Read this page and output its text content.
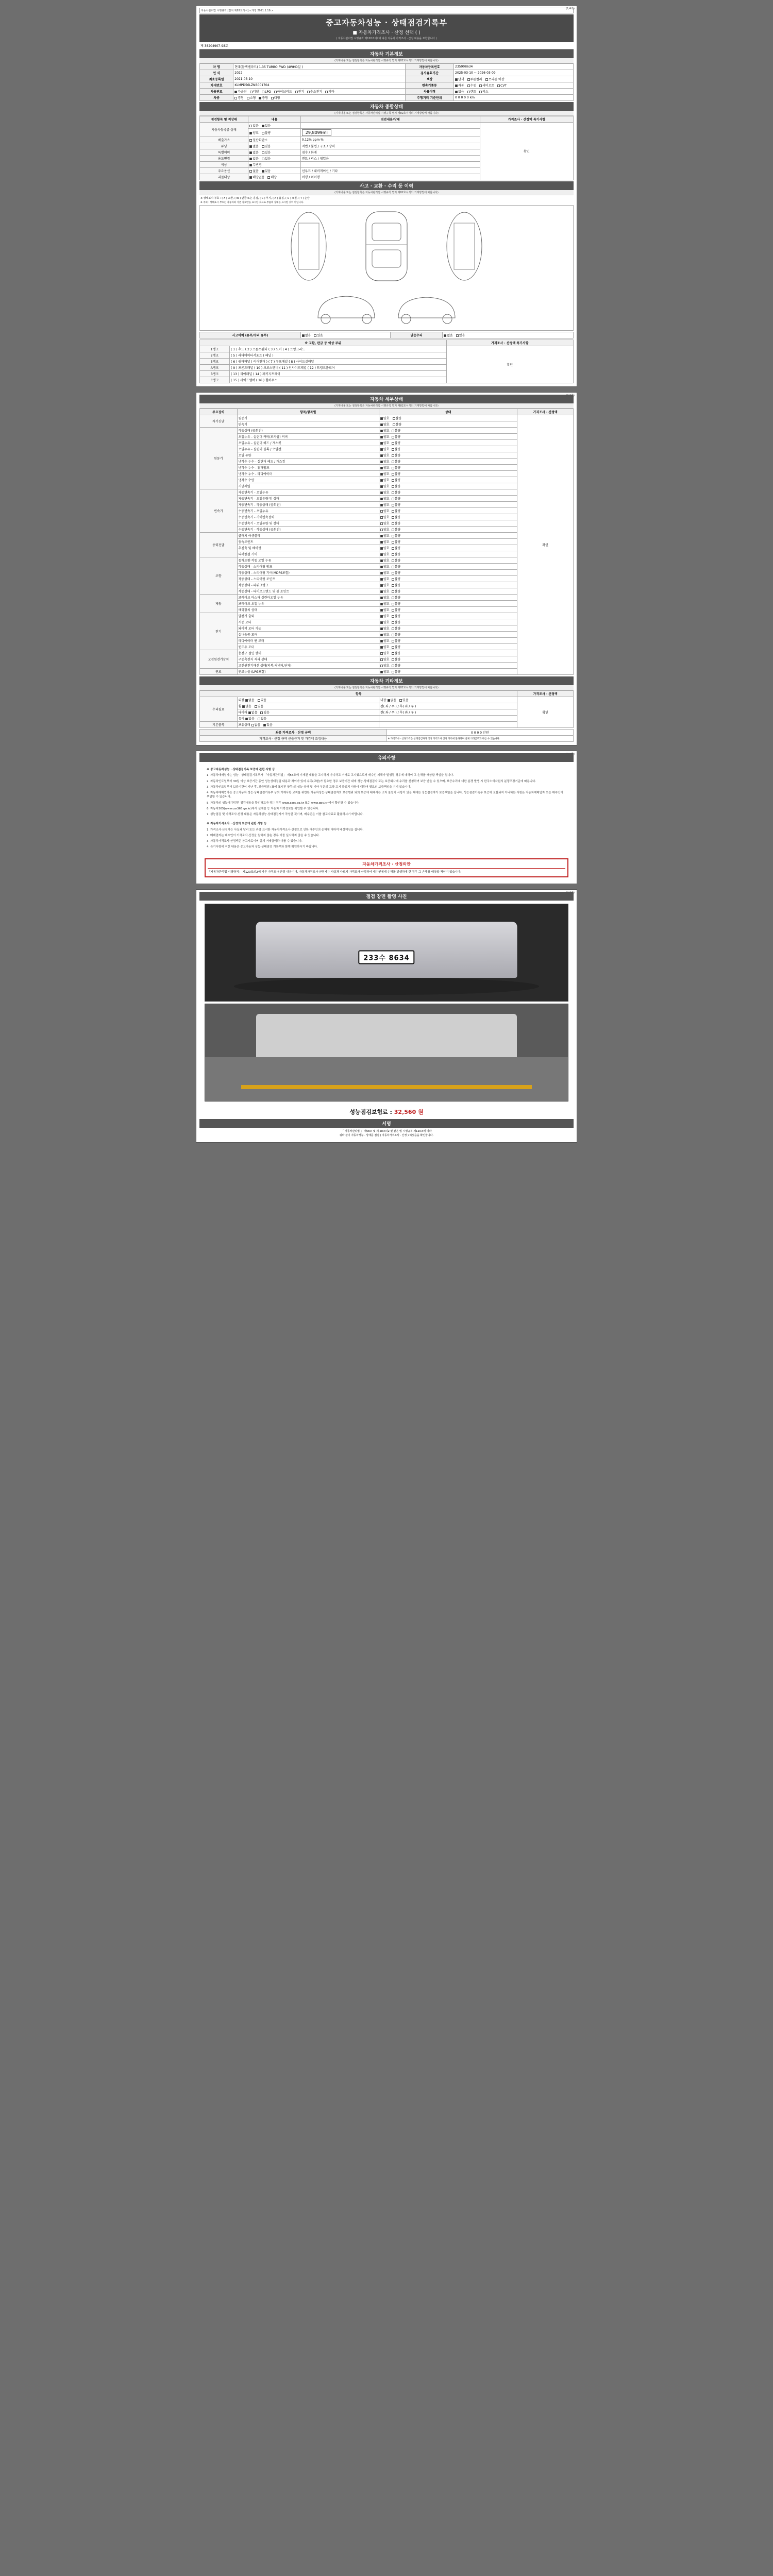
(1/4쪽)
자동차관리법 시행규칙 [별지 제82호서식] <개정 2021.1.19.>
중고자동차성능 · 상태점검기록부
■ 자동차가격조사 · 산정 선택 ( )
( 자동차관리법 시행규칙 제120조의2에 따른 자동차 가격조사 · 산정 내용을 포함합니다 )
제 38204907-98호
자동차 기본정보
(기재내용 또는 점검항목은 자동차관리법 시행규칙 별지 제82호서식의 기재방법에 따릅니다)
차 명	현대(블랙벨라드) 1.35 TURBO FWD (4WHD일 )	자동차등록번호	235908634
연 식	2022	검사유효기간	2025-03-10 ~ 2026-03-09
최초등록일	2021-03-10	색상	단색 투톤칼라 쓰리톤 이상
차대번호	KLMPD56LZNB001704	변속기종류	자동 수동 세미오토 CVT
사용연료	가솔린 디젤 LPG 하이브리드 전기 수소전기 기타	사용이력	없음 렌트 리스
차종	경형 소형 중형 대형	주행거리 기준단위	0 0 0 0 0 km
자동차 종합상태
(기재내용 또는 점검항목은 자동차관리법 시행규칙 별지 제82호서식의 기재방법에 따릅니다)
점검항목 및 적상태	내용	점검내용/상태	가격조사 · 산정액 특기사항
자동차등록증 상태	없음 있음		확인
	양호 불량	29,8099mi	
배출가스	일산화탄소	0.12% ppm %	
튜닝	없음 있음	적법 / 불법 / 구조 / 장치	
특별이력	없음 있음	침수 / 화재	
용도변경	없음 있음	렌트 / 리스 / 영업용	
색상	무변경		
주요옵션	없음 있음	선루프 / 내비게이션 / 기타	
리콜대상	해당없음 해당	이행 / 미이행	
사고 · 교환 · 수리 등 이력
(기재내용 또는 점검항목은 자동차관리법 시행규칙 별지 제82호서식의 기재방법에 따릅니다)
※ 상태표시 부호 : ( X ) 교환, ( W ) 판금 또는 용접, ( C ) 부식, ( A ) 흠집, ( U ) 요철, ( T ) 손상
※ 주의 : 상태표시 부호는 자동차의 기본 정보만을 표시한 것으로 부품의 상태를 표시한 것이 아닙니다.
사고이력 (유무/수리 유무)	없음 있음	단순수리	없음 있음
※ 교환, 판금 등 이상 부위		가격조사 · 산정액 특기사항
1랭크	( 1 ) 후드 ( 2 ) 프론트휀더 ( 3 ) 도어 ( 4 ) 트렁크리드	확인
2랭크	( 5 ) 라디에이터서포트 ( 패널 )	
3랭크	( 6 ) 쿼터패널 ( 리어휀더 ) ( 7 ) 루프패널 ( 8 ) 사이드실패널	
A랭크	( 9 ) 프론트패널 ( 10 ) 크로스멤버 ( 11 ) 인사이드패널 ( 12 ) 트렁크플로어	
B랭크	( 13 ) 리어패널 ( 14 ) 패키지트레이	
C랭크	( 15 ) 사이드멤버 ( 16 ) 휠하우스	
(2/4쪽)
자동차 세부상태
(기재내용 또는 점검항목은 자동차관리법 시행규칙 별지 제82호서식의 기재방법에 따릅니다)
주요장치	항목/항목별	상태	가격조사 · 산정액
자기진단	원동기	양호 불량	확인
	변속기	양호 불량	
원동기	작동상태 (공회전)	양호 불량	
	오일누유 - 실린더 커버(로카암) 커버	양호 불량	
	오일누유 - 실린더 헤드 / 개스킷	양호 불량	
	오일누유 - 실린더 블록 / 오일팬	양호 불량	
	오일 유량	양호 불량	
	냉각수 누수 - 실린더 헤드 / 개스킷	양호 불량	
	냉각수 누수 - 워터펌프	양호 불량	
	냉각수 누수 - 라디에이터	양호 불량	
	냉각수 수량	양호 불량	
	커먼레일	양호 불량	
변속기	자동변속기 - 오일누유	양호 불량	
	자동변속기 - 오일유량 및 상태	양호 불량	
	자동변속기 - 작동상태 (공회전)	양호 불량	
	수동변속기 - 오일누유	양호 불량	
	수동변속기 - 기어변속장치	양호 불량	
	수동변속기 - 오일유량 및 상태	양호 불량	
	수동변속기 - 작동상태 (공회전)	양호 불량	
동력전달	클러치 어셈블리	양호 불량	
	등속조인트	양호 불량	
	추진축 및 베어링	양호 불량	
	디퍼렌셜 기어	양호 불량	
조향	동력조향 작동 오일 누유	양호 불량	
	작동상태 - 스티어링 펌프	양호 불량	
	작동상태 - 스티어링 기어(MDPS포함)	양호 불량	
	작동상태 - 스티어링 조인트	양호 불량	
	작동상태 - 파워크랭크	양호 불량	
	작동상태 - 타이로드엔드 및 볼 조인트	양호 불량	
제동	브레이크 마스터 실린더오일 누유	양호 불량	
	브레이크 오일 누유	양호 불량	
	배력장치 상태	양호 불량	
전기	발전기 출력	양호 불량	
	시동 모터	양호 불량	
	와이퍼 모터 기능	양호 불량	
	실내송풍 모터	양호 불량	
	라디에이터 팬 모터	양호 불량	
	윈도우 모터	양호 불량	
고전원전기장치	충전구 절연 상태	양호 불량	
	구동축전지 격리 상태	양호 불량	
	고전원전기배선 상태(피복,커넥터,단자)	양호 불량	
연료	연료누출 (LPG포함)	양호 불량	
자동차 기타정보
(기재내용 또는 점검항목은 자동차관리법 시행규칙 별지 제82호서식의 기재방법에 따릅니다)
항목			가격조사 · 산정액
수리필요	외장 없음 있음	내장 없음 있음	확인
	휠 없음 있음	전( 좌 / 우 ) / 후( 좌 / 우 )	
	타이어 없음 있음	전( 좌 / 우 ) / 후( 좌 / 우 )	
	유리 없음 있음		
기본품목	보유상태 없음 있음		
최종 가격조사 · 산정 금액	0 0 0 0 만원
가격조사 · 산정 금액 산출근거 및 가감액 조정내용	※ 가격조사 · 산정가격은 상태점검자가 작성 가격조사 산정 가격에 불과하며 실제 거래금액과 다를 수 있습니다.
(3/4쪽)
유의사항

※ 중고자동차성능 · 상태점검기록 보증에 관한 사항 등

1. 자동차매매업자는 성능 · 상태점검기록부가 「자동차관리법」 제58조에 기재된 내용을 고지하지 아니하고 거래로 고지했으로써 매수인 피해가 발생될 경우에 대하여 그 손해를 배상할 책임을 집니다.

2. 자동차인도일부터 30일 이상 보증기간 동안 성능상태점검 내용과 차이가 있어 수리(교환)가 필요한 경우 보증기간 내에 성능·상태점검자 또는 보증회사에 수리를 신청하여 보증 받을 수 있으며, 보증수리에 대한 분쟁 발생 시 한국소비자원의 분쟁조정기준에 따릅니다.

3. 자동차인도일부터 보증기간이 지난 후, 보증범위 (표에 표시된 항목)의 성능·상태 및 기타 부분의 고장·고지 불일치 사항에 대하여 별도의 보증책임을 지지 않습니다.

4. 자동차매매업자는 중고자동차 성능·상태점검기록부 상의 기재사항 고지를 위반한 자동차성능·상태점검자의 보증범위 외의 보증에 대해서는 고지 불일치 사항이 있을 때에는 성능점검자가 보증책임을 집니다. 성능점검기록부 보증에 포함되지 아니하는 사항은 자동차매매업자 또는 매수인이 부담할 수 있습니다.

5. 자동차의 성능에 관련된 점검내용을 확인하고자 하는 경우 www.cars.go.kr 또는 www.gov.kr 에서 확인할 수 있습니다.

6. 자동차365(www.car365.go.kr)에서 실매물 등 자동차 이력정보를 확인할 수 있습니다.

7. 성능점검 및 가격조사·산정 내용은 자동차성능·상태점검자가 작성한 것이며, 매수인은 이를 참고자료로 활용하시기 바랍니다.

※ 자동차가격조사 · 산정의 보증에 관한 사항 등

1. 가격조사·산정자는 사실과 달리 또는 과장 표시한 자동차가격조사·산정으로 인한 매수인의 손해에 대하여 배상책임을 집니다.

2. 매매업자는 매수인이 가격조사·산정을 원하지 않는 경우 이를 실시하지 않을 수 있습니다.

3. 자동차가격조사·산정액은 참고자료이며 실제 거래금액과 다를 수 있습니다.

4. 특기사항에 적힌 내용은 중고자동차 성능·상태점검 기록부와 함께 확인하시기 바랍니다.

자동차가격조사 · 산정의안
「자동차관리법 시행규칙」 제120조의2에 따른 가격조사·산정 내용이며, 자동차가격조사·산정자는 사실과 다르게 가격조사·산정하여 매수인에게 손해를 발생하게 한 경우 그 손해를 배상할 책임이 있습니다.
(4/4쪽)
점검 장면 촬영 사진
233수 8634
성능점검보험료 : 32,560 원
서명
「 자동차관리법 」 제58조 및 제 58조의2 및 같은 법 시행규칙 제120조에 따라
위와 같이 자동차성능 · 상태를 점검 ( 자동차가격조사 · 산정 ) 하였음을 확인합니다.
